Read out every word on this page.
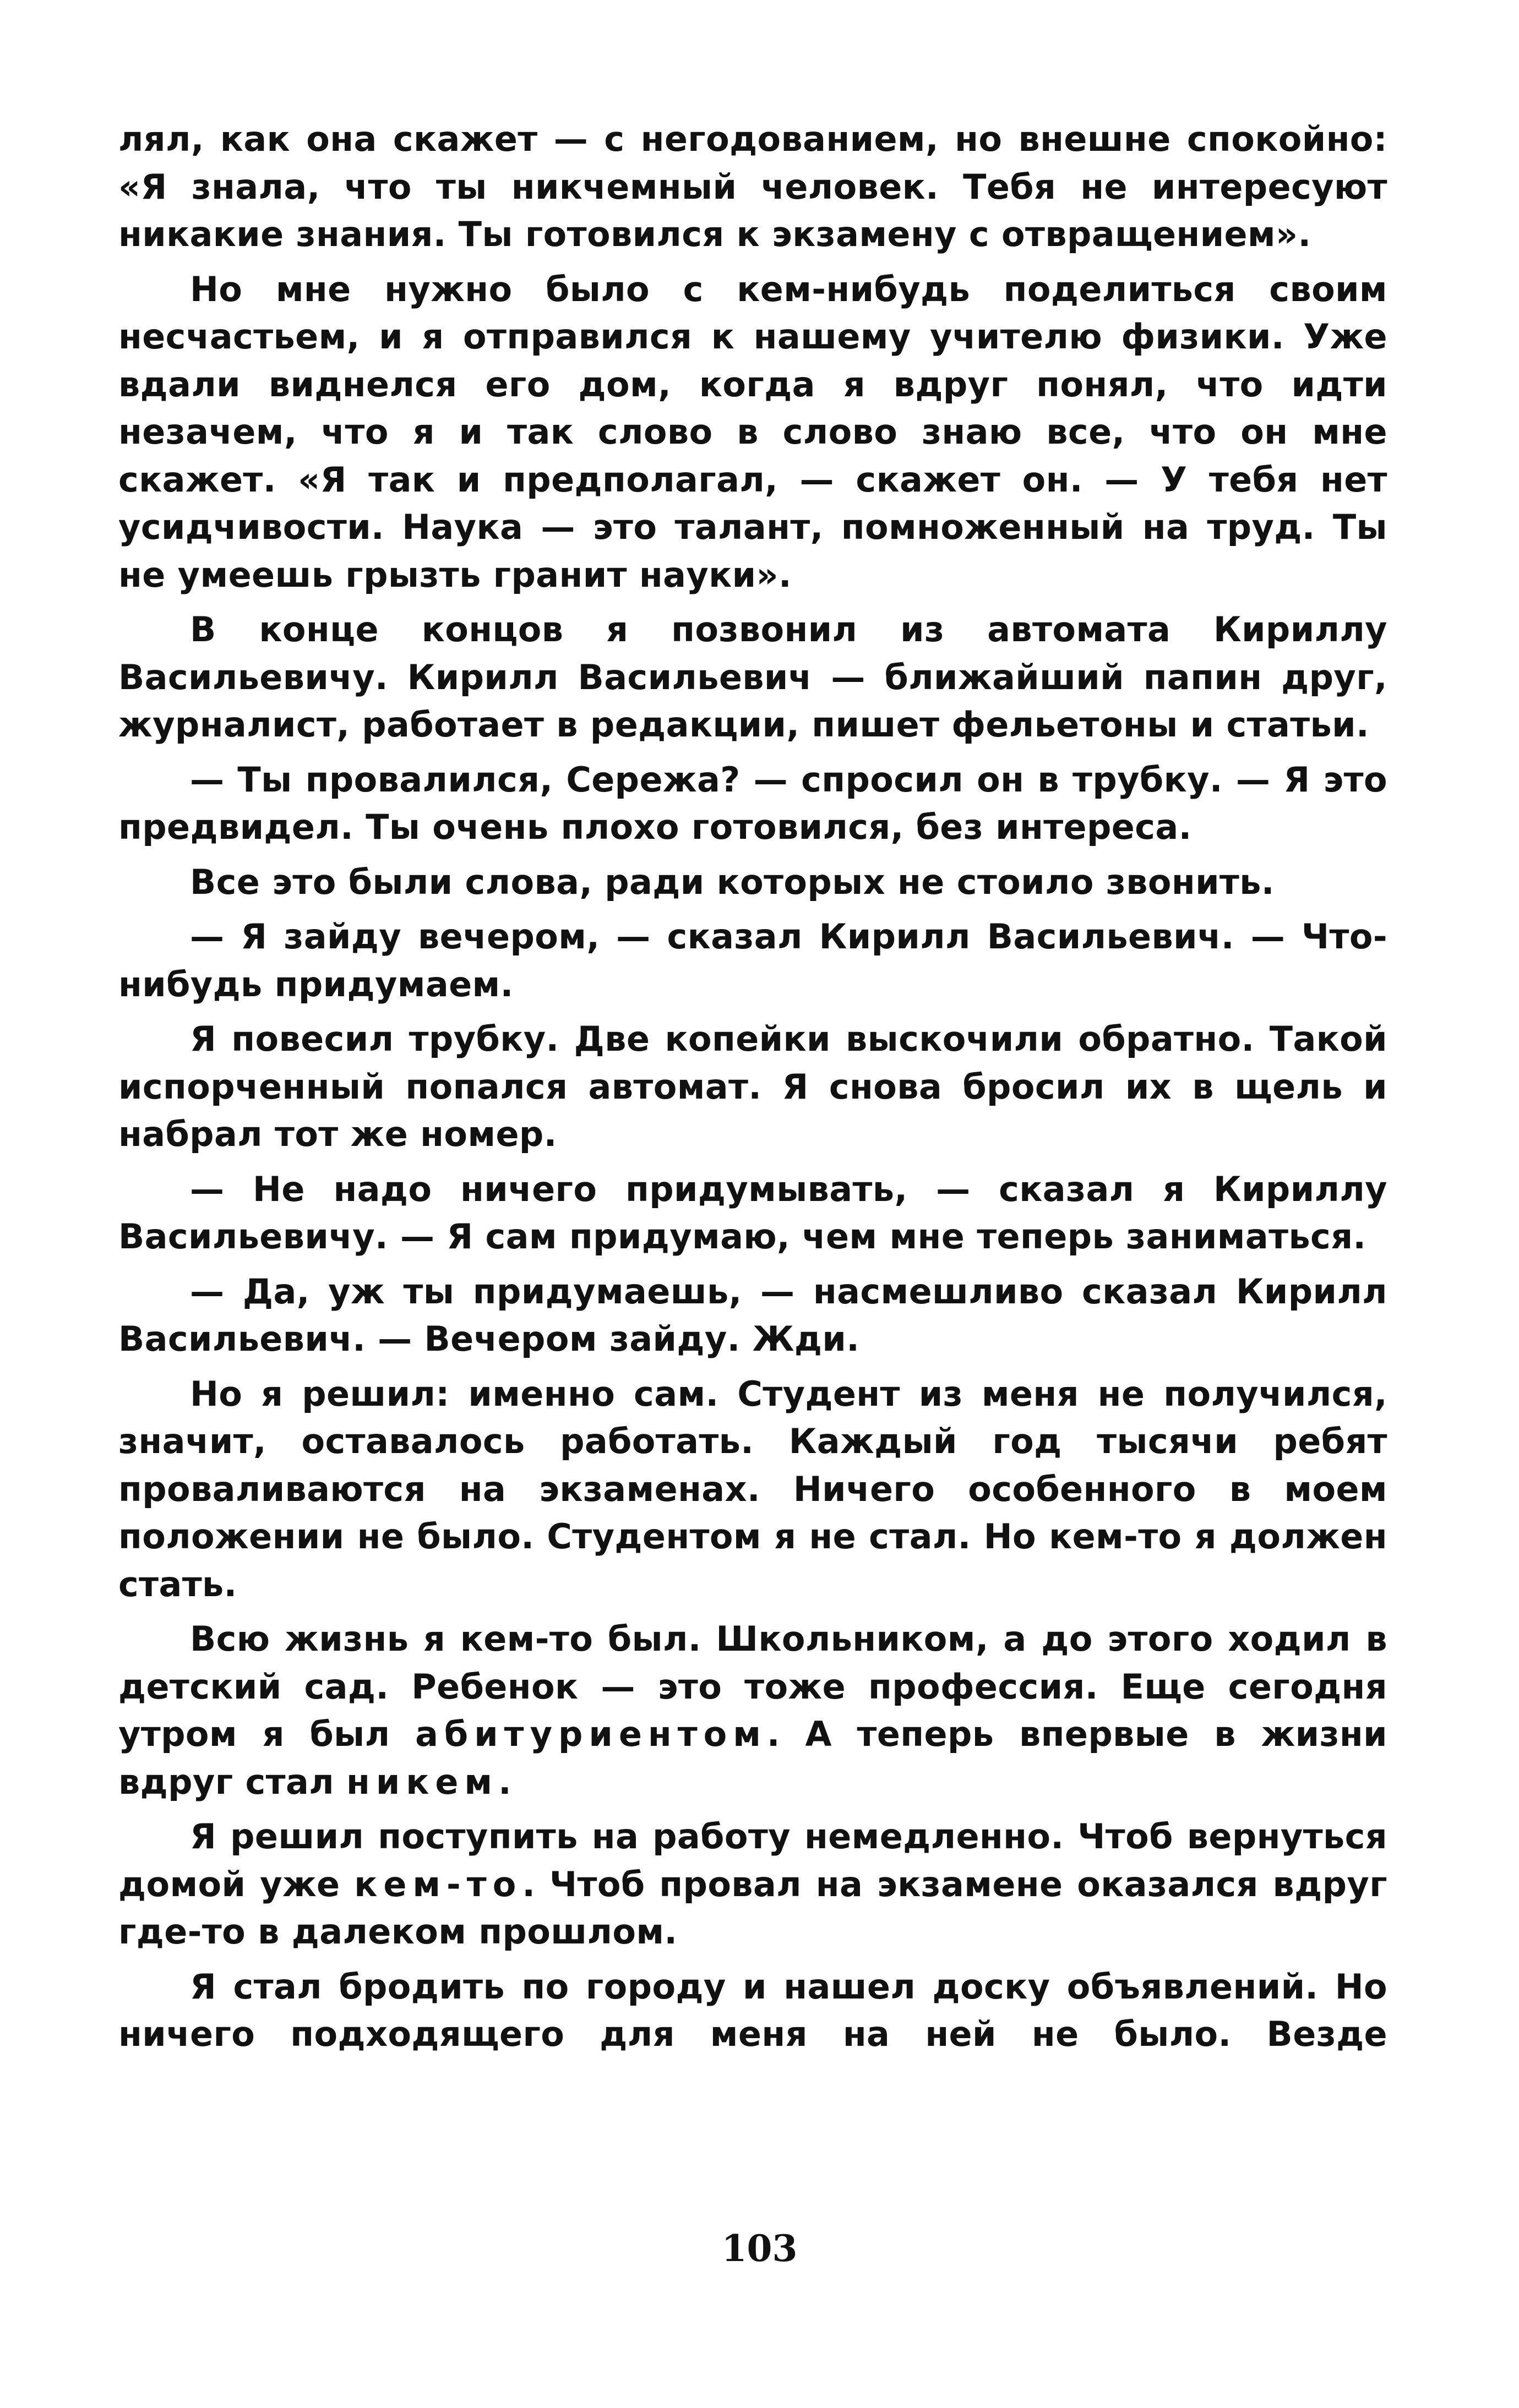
лял, как она скажет — с негодованием, но внешне спокойно: «Я знала, что ты никчемный человек. Тебя не интересуют никакие знания. Ты готовился к экзамену с отвращением».

Но мне нужно было с кем-нибудь поделиться своим несчастьем, и я отправился к нашему учителю физики. Уже вдали виднелся его дом, когда я вдруг понял, что идти незачем, что я и так слово в слово знаю все, что он мне скажет. «Я так и предполагал, — скажет он. — У тебя нет усидчивости. Наука — это талант, помноженный на труд. Ты не умеешь грызть гранит науки».

В конце концов я позвонил из автомата Кириллу Васильевичу. Кирилл Васильевич — ближайший папин друг, журналист, работает в редакции, пишет фельетоны и статьи.

— Ты провалился, Сережа? — спросил он в трубку. — Я это предвидел. Ты очень плохо готовился, без интереса.

Все это были слова, ради которых не стоило звонить.

— Я зайду вечером, — сказал Кирилл Васильевич. — Что-нибудь придумаем.

Я повесил трубку. Две копейки выскочили обратно. Такой испорченный попался автомат. Я снова бросил их в щель и набрал тот же номер.

— Не надо ничего придумывать, — сказал я Кириллу Васильевичу. — Я сам придумаю, чем мне теперь заниматься.

— Да, уж ты придумаешь, — насмешливо сказал Кирилл Васильевич. — Вечером зайду. Жди.

Но я решил: именно сам. Студент из меня не получился, значит, оставалось работать. Каждый год тысячи ребят проваливаются на экзаменах. Ничего особенного в моем положении не было. Студентом я не стал. Но кем-то я должен стать.

Всю жизнь я кем-то был. Школьником, а до этого ходил в детский сад. Ребенок — это тоже профессия. Еще сегодня утром я был абитуриентом. А теперь впервые в жизни вдруг стал никем.

Я решил поступить на работу немедленно. Чтоб вернуться домой уже кем-то. Чтоб провал на экзамене оказался вдруг где-то в далеком прошлом.

Я стал бродить по городу и нашел доску объявлений. Но ничего подходящего для меня на ней не было. Везде

103
